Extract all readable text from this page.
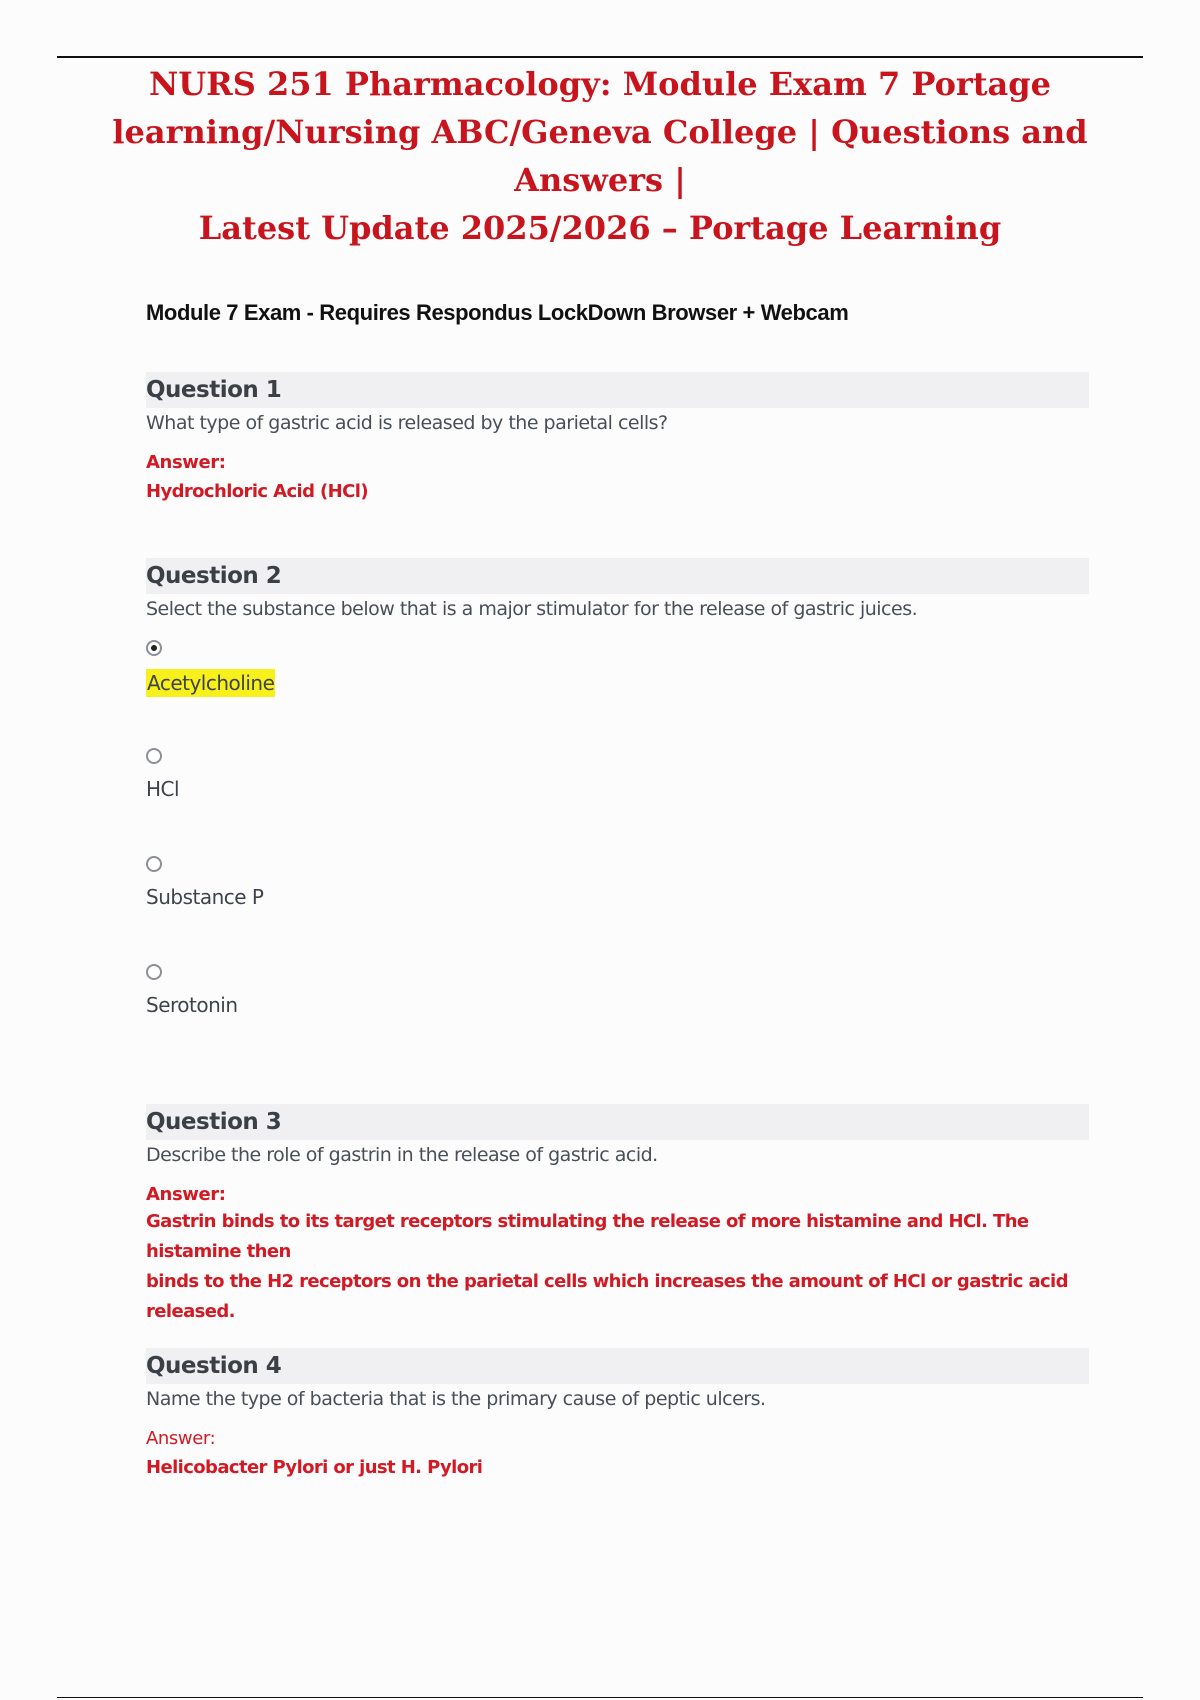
NURS 251 Pharmacology: Module Exam 7 Portage
learning/Nursing ABC/Geneva College | Questions and Answers |
Latest Update 2025/2026 – Portage Learning
Module 7 Exam - Requires Respondus LockDown Browser + Webcam
Question 1
What type of gastric acid is released by the parietal cells?
Answer:
Hydrochloric Acid (HCl)
Question 2
Select the substance below that is a major stimulator for the release of gastric juices.
Acetylcholine
HCl
Substance P
Serotonin
Question 3
Describe the role of gastrin in the release of gastric acid.
Answer:
Gastrin binds to its target receptors stimulating the release of more histamine and HCl. The histamine then
binds to the H2 receptors on the parietal cells which increases the amount of HCl or gastric acid
released.
Question 4
Name the type of bacteria that is the primary cause of peptic ulcers.
Answer:
Helicobacter Pylori or just H. Pylori
